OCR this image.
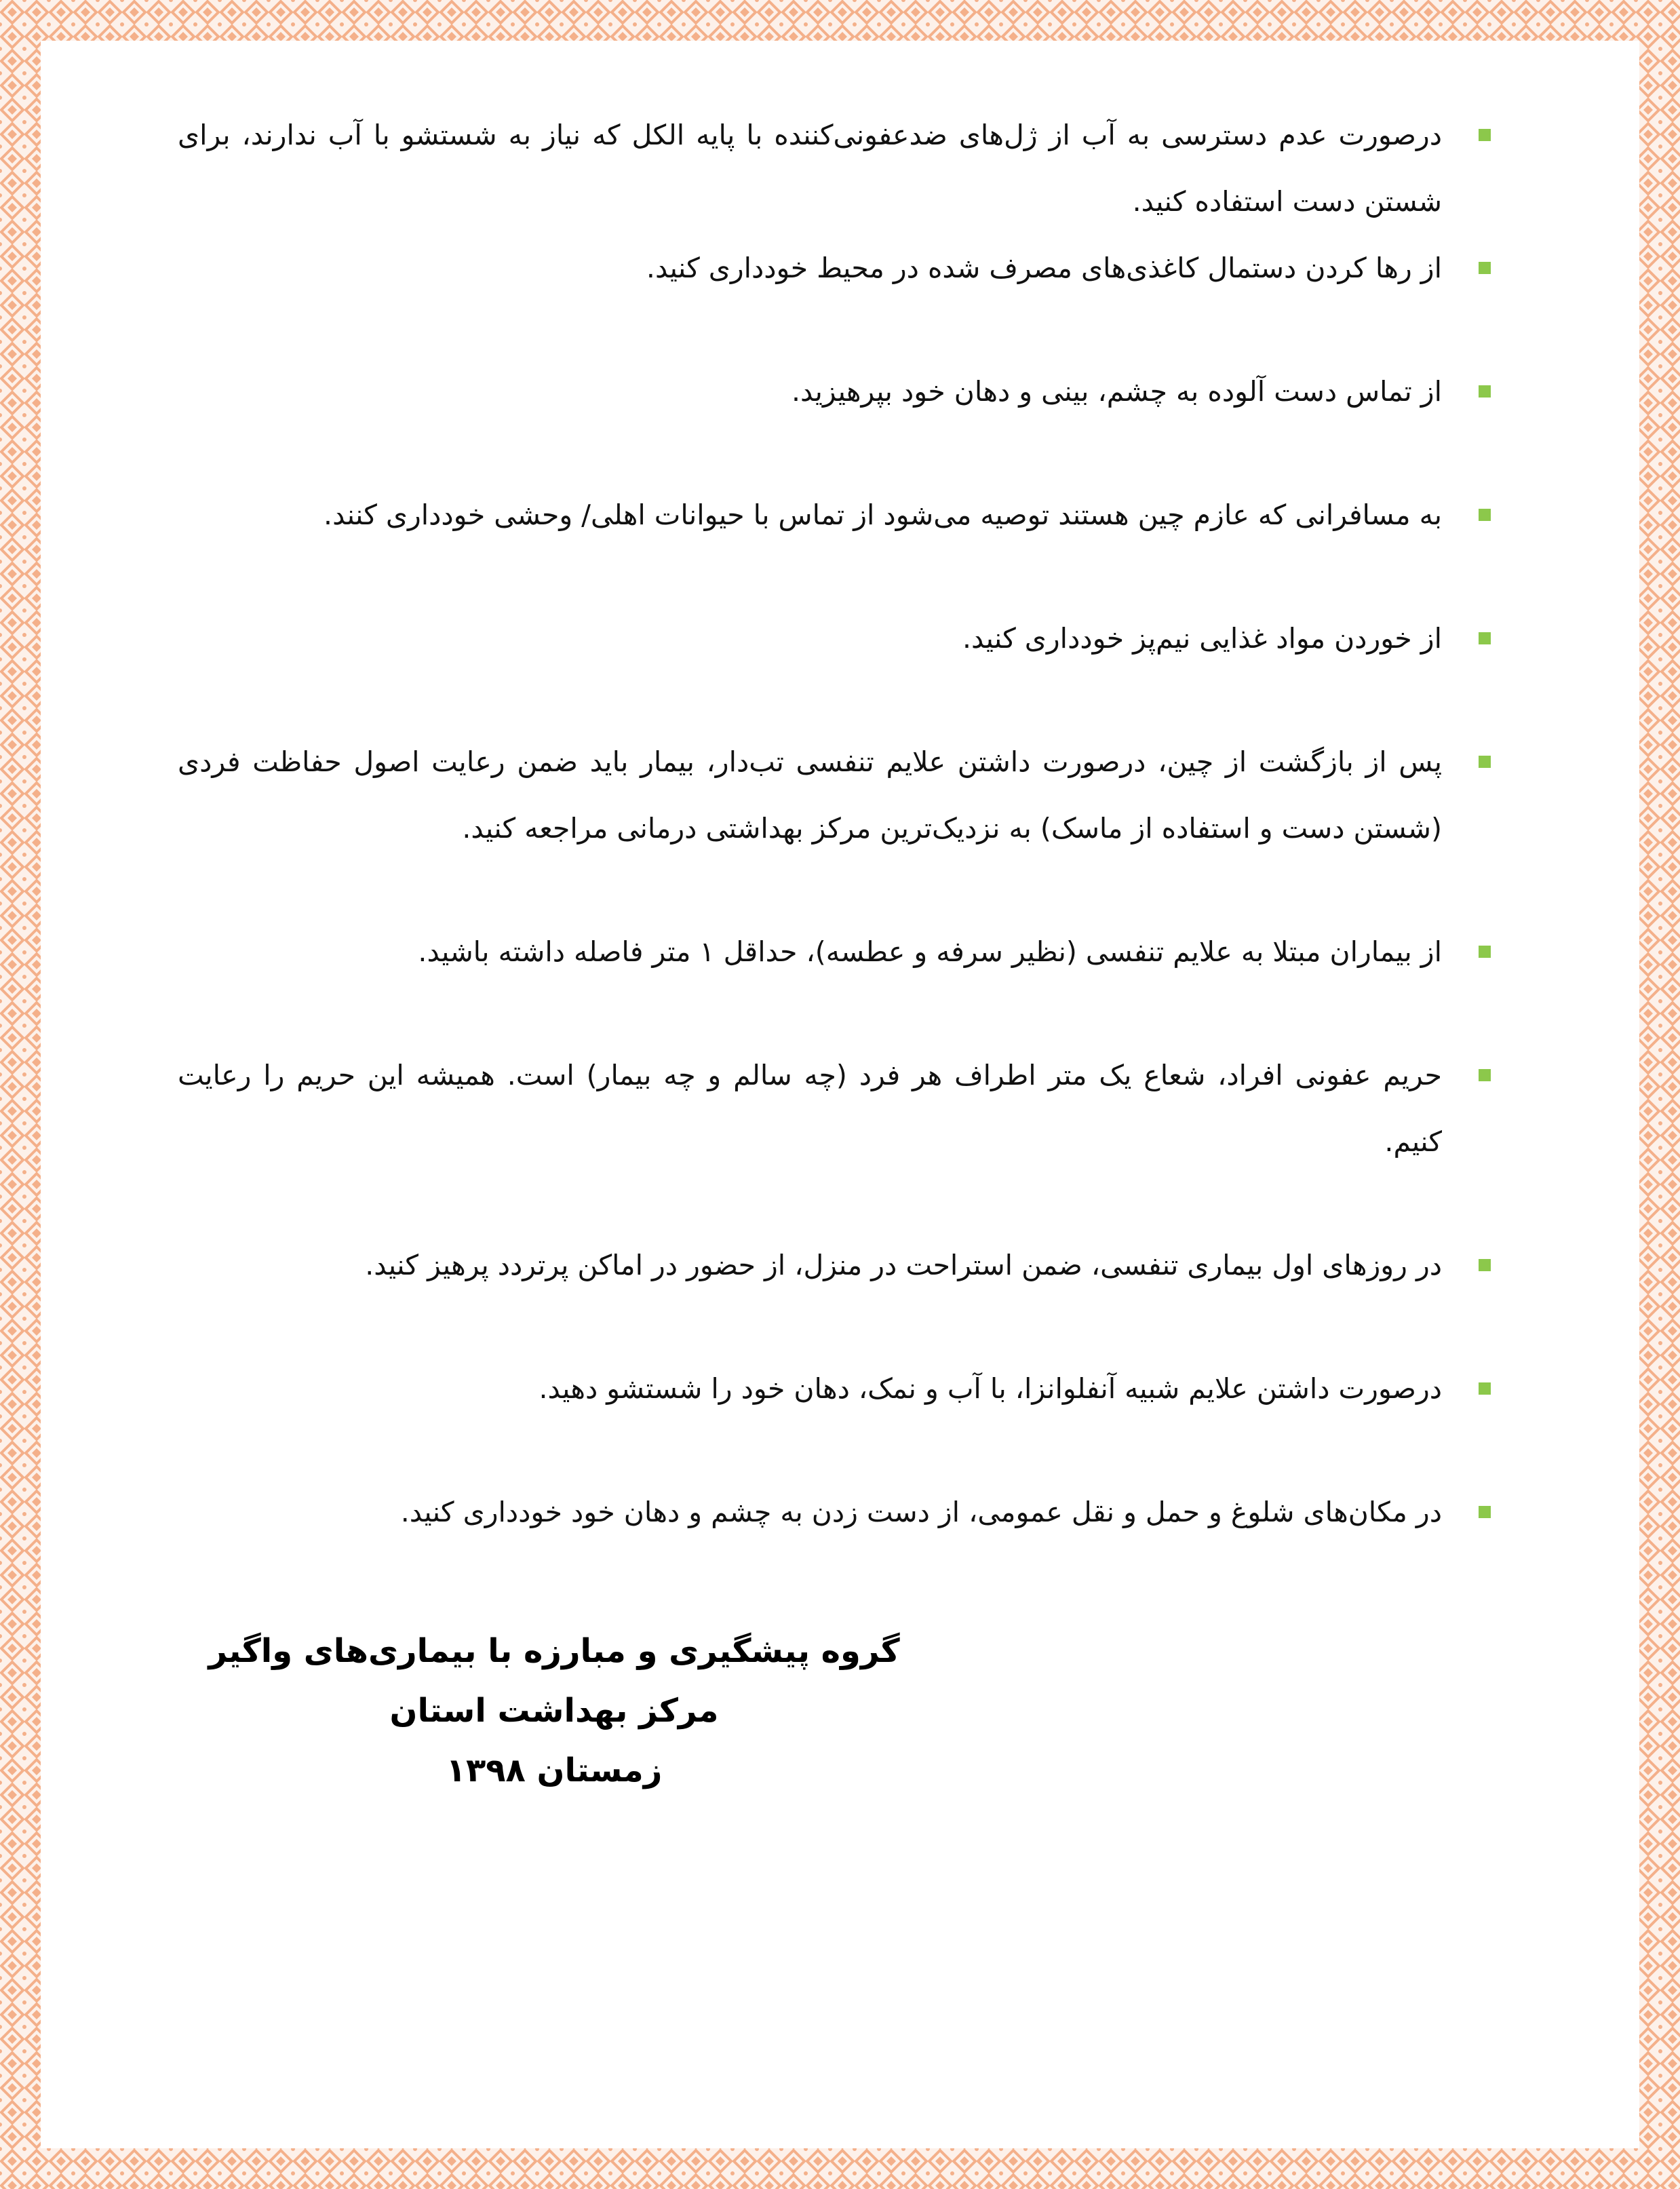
درصورت عدم دسترسی به آب از ژل‌های ضدعفونی‌کننده با پایه الکل که نیاز به شستشو با آب ندارند، برای شستن دست استفاده کنید.
از رها کردن دستمال کاغذی‌های مصرف شده در محیط خودداری کنید.
از تماس دست آلوده به چشم، بینی و دهان خود بپرهیزید.
به مسافرانی که عازم چین هستند توصیه می‌شود از تماس با حیوانات اهلی/ وحشی خودداری کنند.
از خوردن مواد غذایی نیم‌پز خودداری کنید.
پس از بازگشت از چین، درصورت داشتن علایم تنفسی تب‌دار، بیمار باید ضمن رعایت اصول حفاظت فردی (شستن دست و استفاده از ماسک) به نزدیک‌ترین مرکز بهداشتی درمانی مراجعه کنید.
از بیماران مبتلا به علایم تنفسی (نظیر سرفه و عطسه)، حداقل ۱ متر فاصله داشته باشید.
حریم عفونی افراد، شعاع یک متر اطراف هر فرد (چه سالم و چه بیمار) است. همیشه این حریم را رعایت کنیم.
در روزهای اول بیماری تنفسی، ضمن استراحت در منزل، از حضور در اماکن پرتردد پرهیز کنید.
درصورت داشتن علایم شبیه آنفلوانزا، با آب و نمک، دهان خود را شستشو دهید.
در مکان‌های شلوغ و حمل و نقل عمومی، از دست زدن به چشم و دهان خود خودداری کنید.
گروه پیشگیری و مبارزه با بیماری‌های واگیر مرکز بهداشت استان
زمستان ۱۳۹۸
